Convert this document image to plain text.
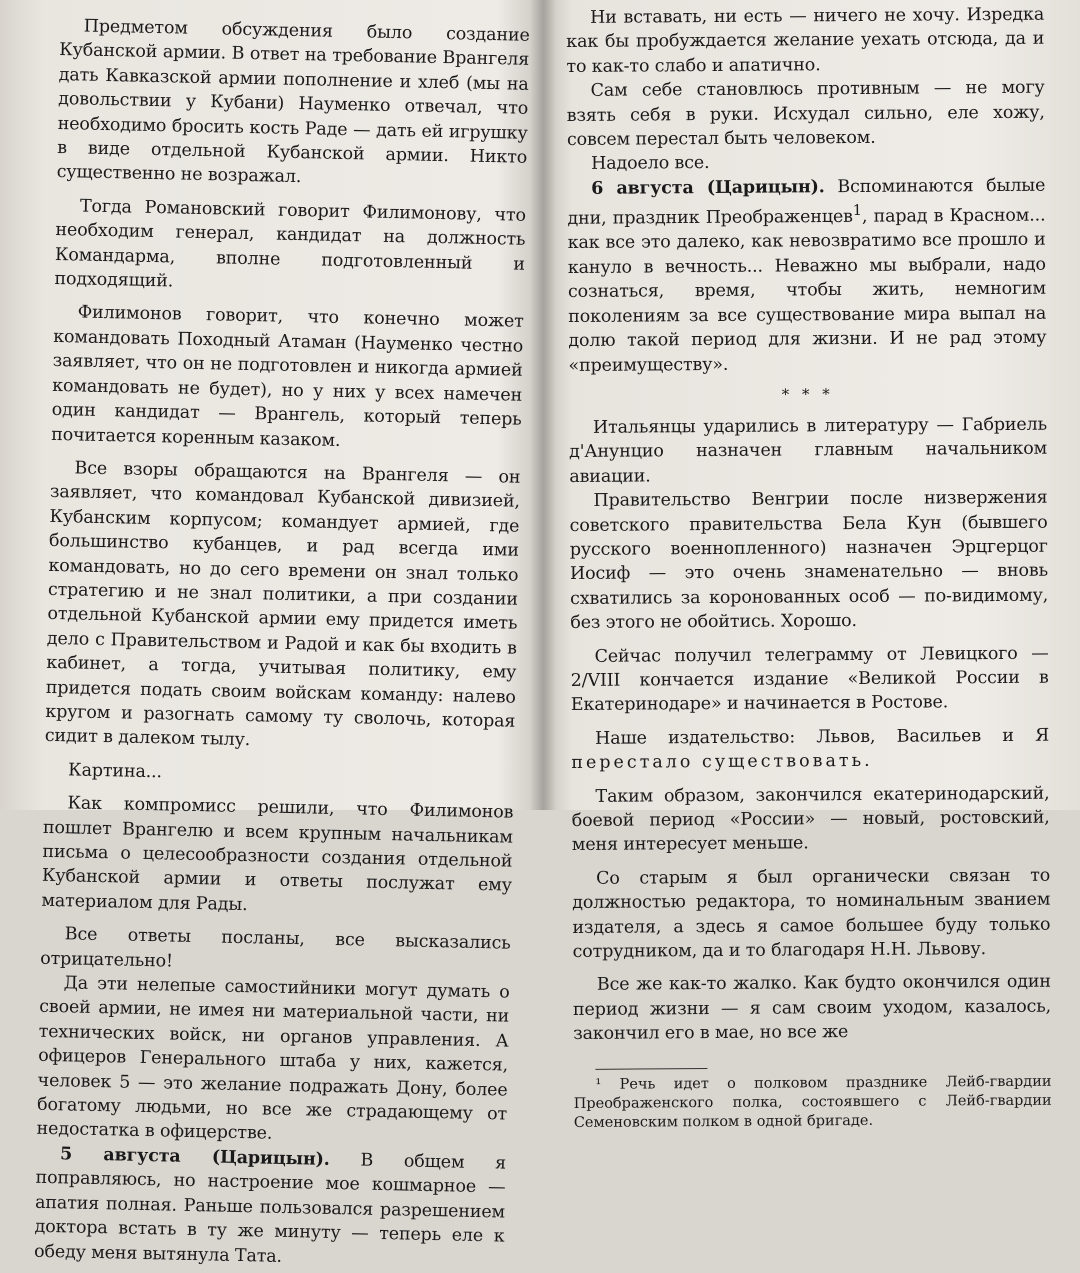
Предметом обсуждения было создание Кубанской армии. В ответ на требование Врангеля дать Кавказской армии пополнение и хлеб (мы на довольствии у Кубани) Науменко отвечал, что необходимо бросить кость Раде — дать ей игрушку в виде отдельной Кубанской армии. Никто существенно не возражал.

Тогда Романовский говорит Филимонову, что необходим генерал, кандидат на должность Командарма, вполне подготовленный и подходящий.

Филимонов говорит, что конечно может командовать Походный Атаман (Науменко честно заявляет, что он не подготовлен и никогда армией командовать не будет), но у них у всех намечен один кандидат — Врангель, который теперь почитается коренным казаком.

Все взоры обращаются на Врангеля — он заявляет, что командовал Кубанской дивизией, Кубанским корпусом; командует армией, где большинство кубанцев, и рад всегда ими командовать, но до сего времени он знал только стратегию и не знал политики, а при создании отдельной Кубанской армии ему придется иметь дело с Правительством и Радой и как бы входить в кабинет, а тогда, учитывая политику, ему придется подать своим войскам команду: налево кругом и разогнать самому ту сволочь, которая сидит в далеком тылу.

Картина...

Как компромисс решили, что Филимонов пошлет Врангелю и всем крупным начальникам письма о целесообразности создания отдельной Кубанской армии и ответы послужат ему материалом для Рады.

Все ответы посланы, все высказались отрицательно!

Да эти нелепые самостийники могут думать о своей армии, не имея ни материальной части, ни технических войск, ни органов управления. А офицеров Генерального штаба у них, кажется, человек 5 — это желание подражать Дону, более богатому людьми, но все же страдающему от недостатка в офицерстве.

5 августа (Царицын). В общем я поправляюсь, но настроение мое кошмарное — апатия полная. Раньше пользовался разрешением доктора встать в ту же минуту — теперь еле к обеду меня вытянула Тата.

Ни вставать, ни есть — ничего не хочу. Изредка как бы пробуждается желание уехать отсюда, да и то как-то слабо и апатично.

Сам себе становлюсь противным — не могу взять себя в руки. Исхудал сильно, еле хожу, совсем перестал быть человеком.

Надоело все.

6 августа (Царицын). Вспоминаются былые дни, праздник Преображенцев$^1$, парад в Красном... как все это далеко, как невозвратимо все прошло и кануло в вечность... Неважно мы выбрали, надо сознаться, время, чтобы жить, немногим поколениям за все существование мира выпал на долю такой период для жизни. И не рад этому «преимуществу».

* * *

Итальянцы ударились в литературу — Габриель д'Анунцио назначен главным начальником авиации.

Правительство Венгрии после низвержения советского правительства Бела Кун (бывшего русского военнопленного) назначен Эрцгерцог Иосиф — это очень знаменательно — вновь схватились за коронованных особ — по-видимому, без этого не обойтись. Хорошо.

Сейчас получил телеграмму от Левицкого — 2/VIII кончается издание «Великой России в Екатеринодаре» и начинается в Ростове.

Наше издательство: Львов, Васильев и Я перестало существовать.

Таким образом, закончился екатеринодарский, боевой период «России» — новый, ростовский, меня интересует меньше.

Со старым я был органически связан то должностью редактора, то номинальным званием издателя, а здесь я самое большее буду только сотрудником, да и то благодаря Н.Н. Львову.

Все же как-то жалко. Как будто окончился один период жизни — я сам своим уходом, казалось, закончил его в мае, но все же

¹ Речь идет о полковом празднике Лейб-гвардии Преображенского полка, состоявшего с Лейб-гвардии Семеновским полком в одной бригаде.
